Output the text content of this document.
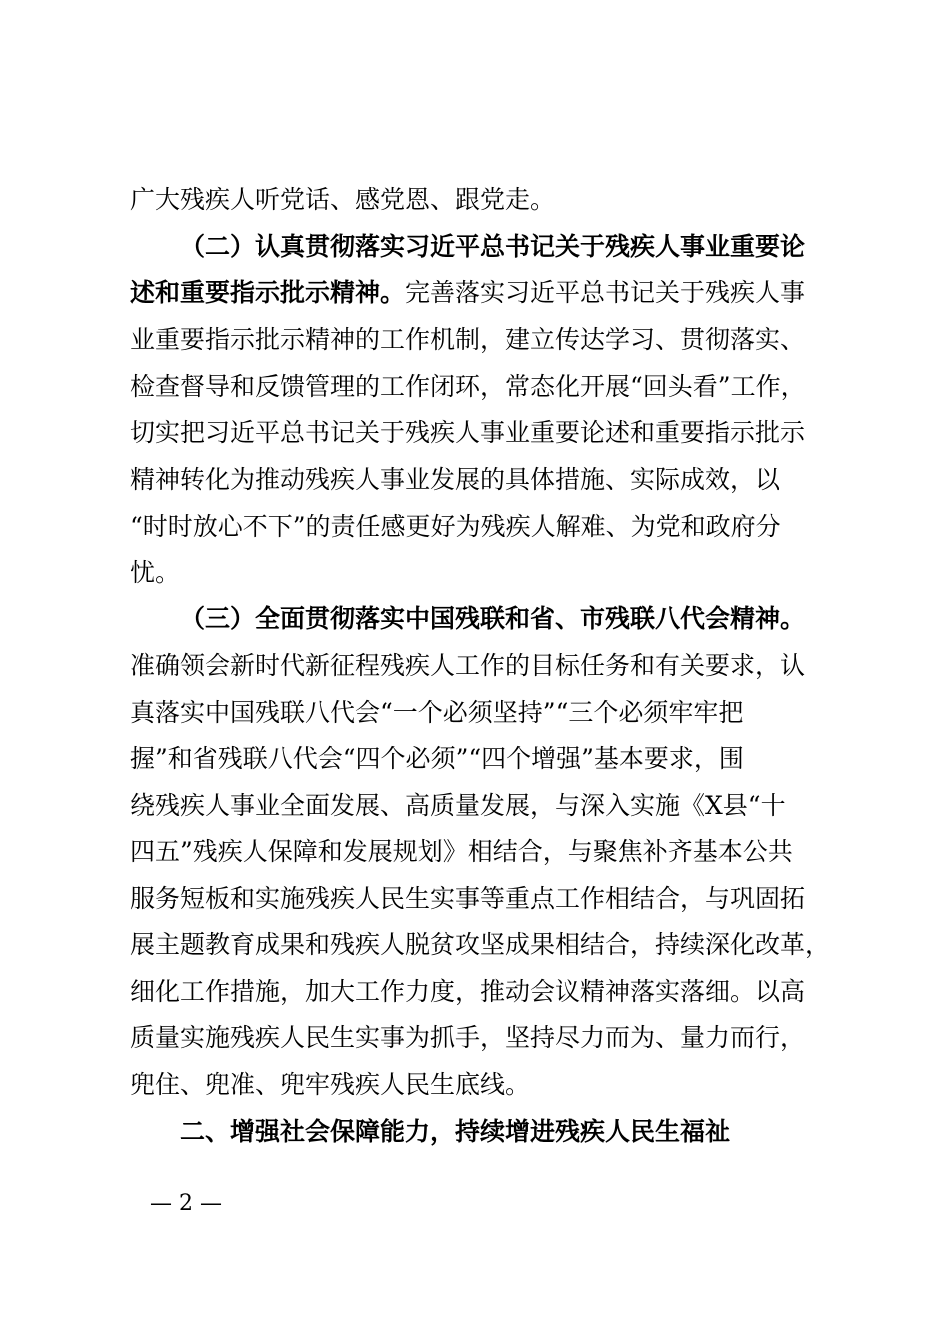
广大残疾人听党话、感党恩、跟党走。
（二）认真贯彻落实习近平总书记关于残疾人事业重要论
述和重要指示批示精神。完善落实习近平总书记关于残疾人事
业重要指示批示精神的工作机制，建立传达学习、贯彻落实、
检查督导和反馈管理的工作闭环，常态化开展“回头看”工作，
切实把习近平总书记关于残疾人事业重要论述和重要指示批示
精神转化为推动残疾人事业发展的具体措施、实际成效，以
“时时放心不下”的责任感更好为残疾人解难、为党和政府分
忧。
（三）全面贯彻落实中国残联和省、市残联八代会精神。
准确领会新时代新征程残疾人工作的目标任务和有关要求，认
真落实中国残联八代会“一个必须坚持”“三个必须牢牢把
握”和省残联八代会“四个必须”“四个增强”基本要求，围
绕残疾人事业全面发展、高质量发展，与深入实施《X县“十
四五”残疾人保障和发展规划》相结合，与聚焦补齐基本公共
服务短板和实施残疾人民生实事等重点工作相结合，与巩固拓
展主题教育成果和残疾人脱贫攻坚成果相结合，持续深化改革，
细化工作措施，加大工作力度，推动会议精神落实落细。以高
质量实施残疾人民生实事为抓手，坚持尽力而为、量力而行，
兜住、兜准、兜牢残疾人民生底线。
二、增强社会保障能力，持续增进残疾人民生福祉
— 2 —
